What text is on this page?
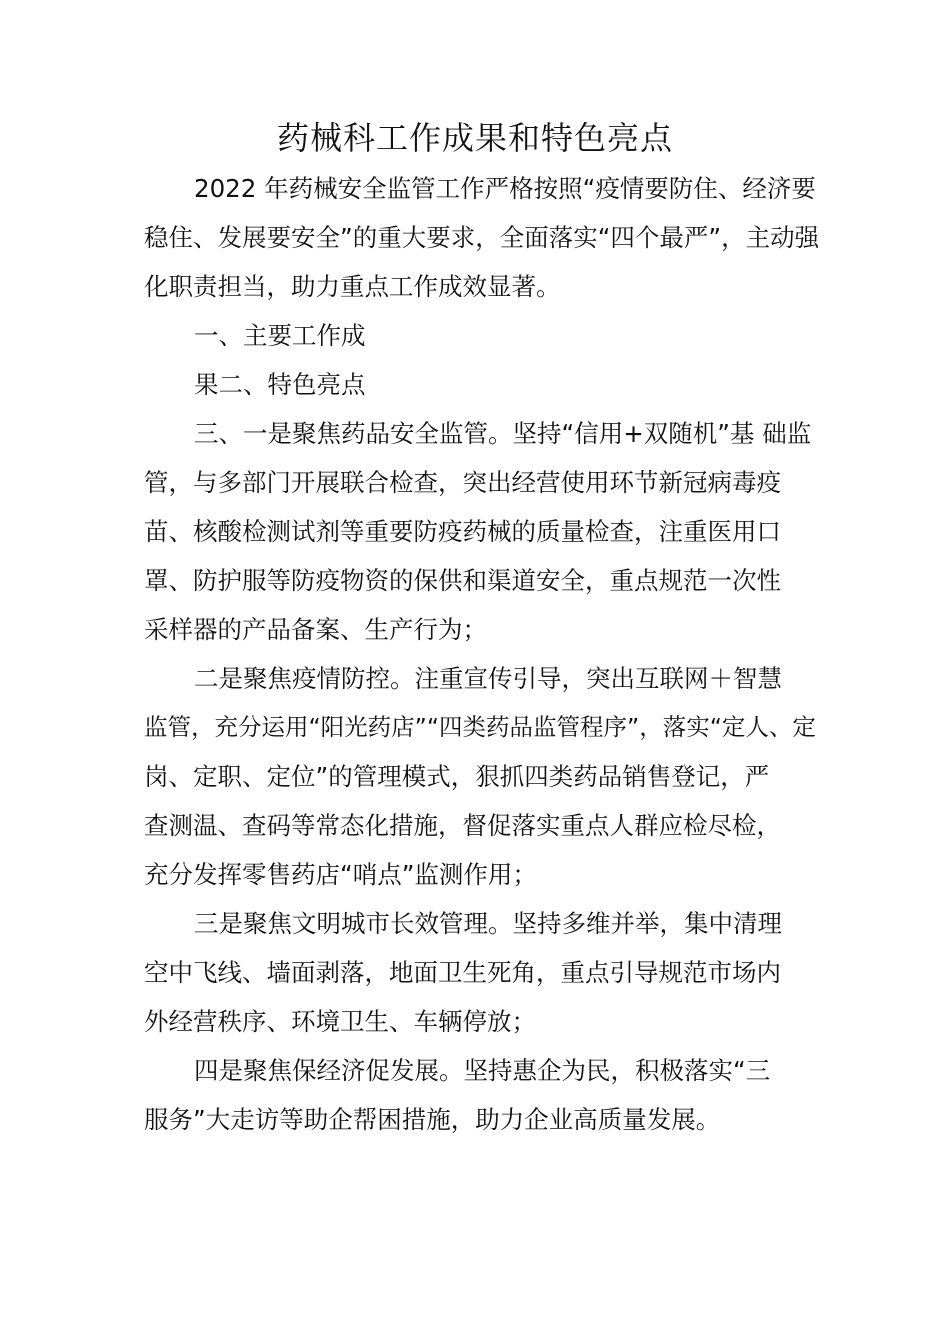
药械科工作成果和特色亮点
2022 年药械安全监管工作严格按照“疫情要防住、经济要
稳住、发展要安全”的重大要求，全面落实“四个最严”，主动强
化职责担当，助力重点工作成效显著。
一、主要工作成
果二、特色亮点
三、一是聚焦药品安全监管。坚持“信用+双随机”基 础监
管，与多部门开展联合检查，突出经营使用环节新冠病毒疫
苗、核酸检测试剂等重要防疫药械的质量检查，注重医用口
罩、防护服等防疫物资的保供和渠道安全，重点规范一次性
采样器的产品备案、生产行为；
二是聚焦疫情防控。注重宣传引导，突出互联网＋智慧
监管，充分运用“阳光药店”“四类药品监管程序”，落实“定人、定
岗、定职、定位”的管理模式，狠抓四类药品销售登记，严
查测温、查码等常态化措施，督促落实重点人群应检尽检，
充分发挥零售药店“哨点”监测作用；
三是聚焦文明城市长效管理。坚持多维并举，集中清理
空中飞线、墙面剥落，地面卫生死角，重点引导规范市场内
外经营秩序、环境卫生、车辆停放；
四是聚焦保经济促发展。坚持惠企为民，积极落实“三
服务”大走访等助企帮困措施，助力企业高质量发展。
